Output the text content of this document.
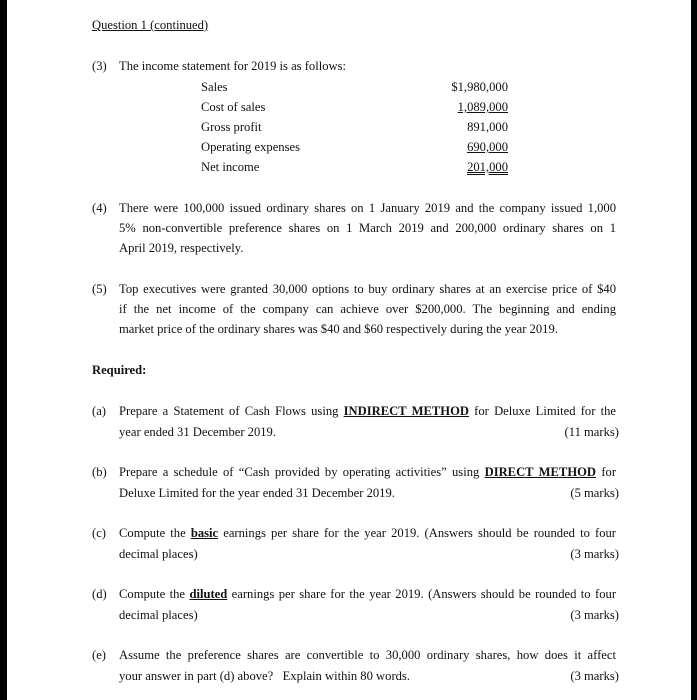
Question 1 (continued)
(3) The income statement for 2019 is as follows:
Sales	$1,980,000
Cost of sales	1,089,000
Gross profit	891,000
Operating expenses	690,000
Net income	201,000
(4) There were 100,000 issued ordinary shares on 1 January 2019 and the company issued 1,000
5% non-convertible preference shares on 1 March 2019 and 200,000 ordinary shares on 1
April 2019, respectively.
(5) Top executives were granted 30,000 options to buy ordinary shares at an exercise price of $40
if the net income of the company can achieve over $200,000. The beginning and ending
market price of the ordinary shares was $40 and $60 respectively during the year 2019.
Required:
(a) Prepare a Statement of Cash Flows using INDIRECT METHOD for Deluxe Limited for the
year ended 31 December 2019.	(11 marks)
(b) Prepare a schedule of “Cash provided by operating activities” using DIRECT METHOD for
Deluxe Limited for the year ended 31 December 2019.	(5 marks)
(c) Compute the basic earnings per share for the year 2019. (Answers should be rounded to four
decimal places)	(3 marks)
(d) Compute the diluted earnings per share for the year 2019. (Answers should be rounded to four
decimal places)	(3 marks)
(e) Assume the preference shares are convertible to 30,000 ordinary shares, how does it affect
your answer in part (d) above?   Explain within 80 words.	(3 marks)
